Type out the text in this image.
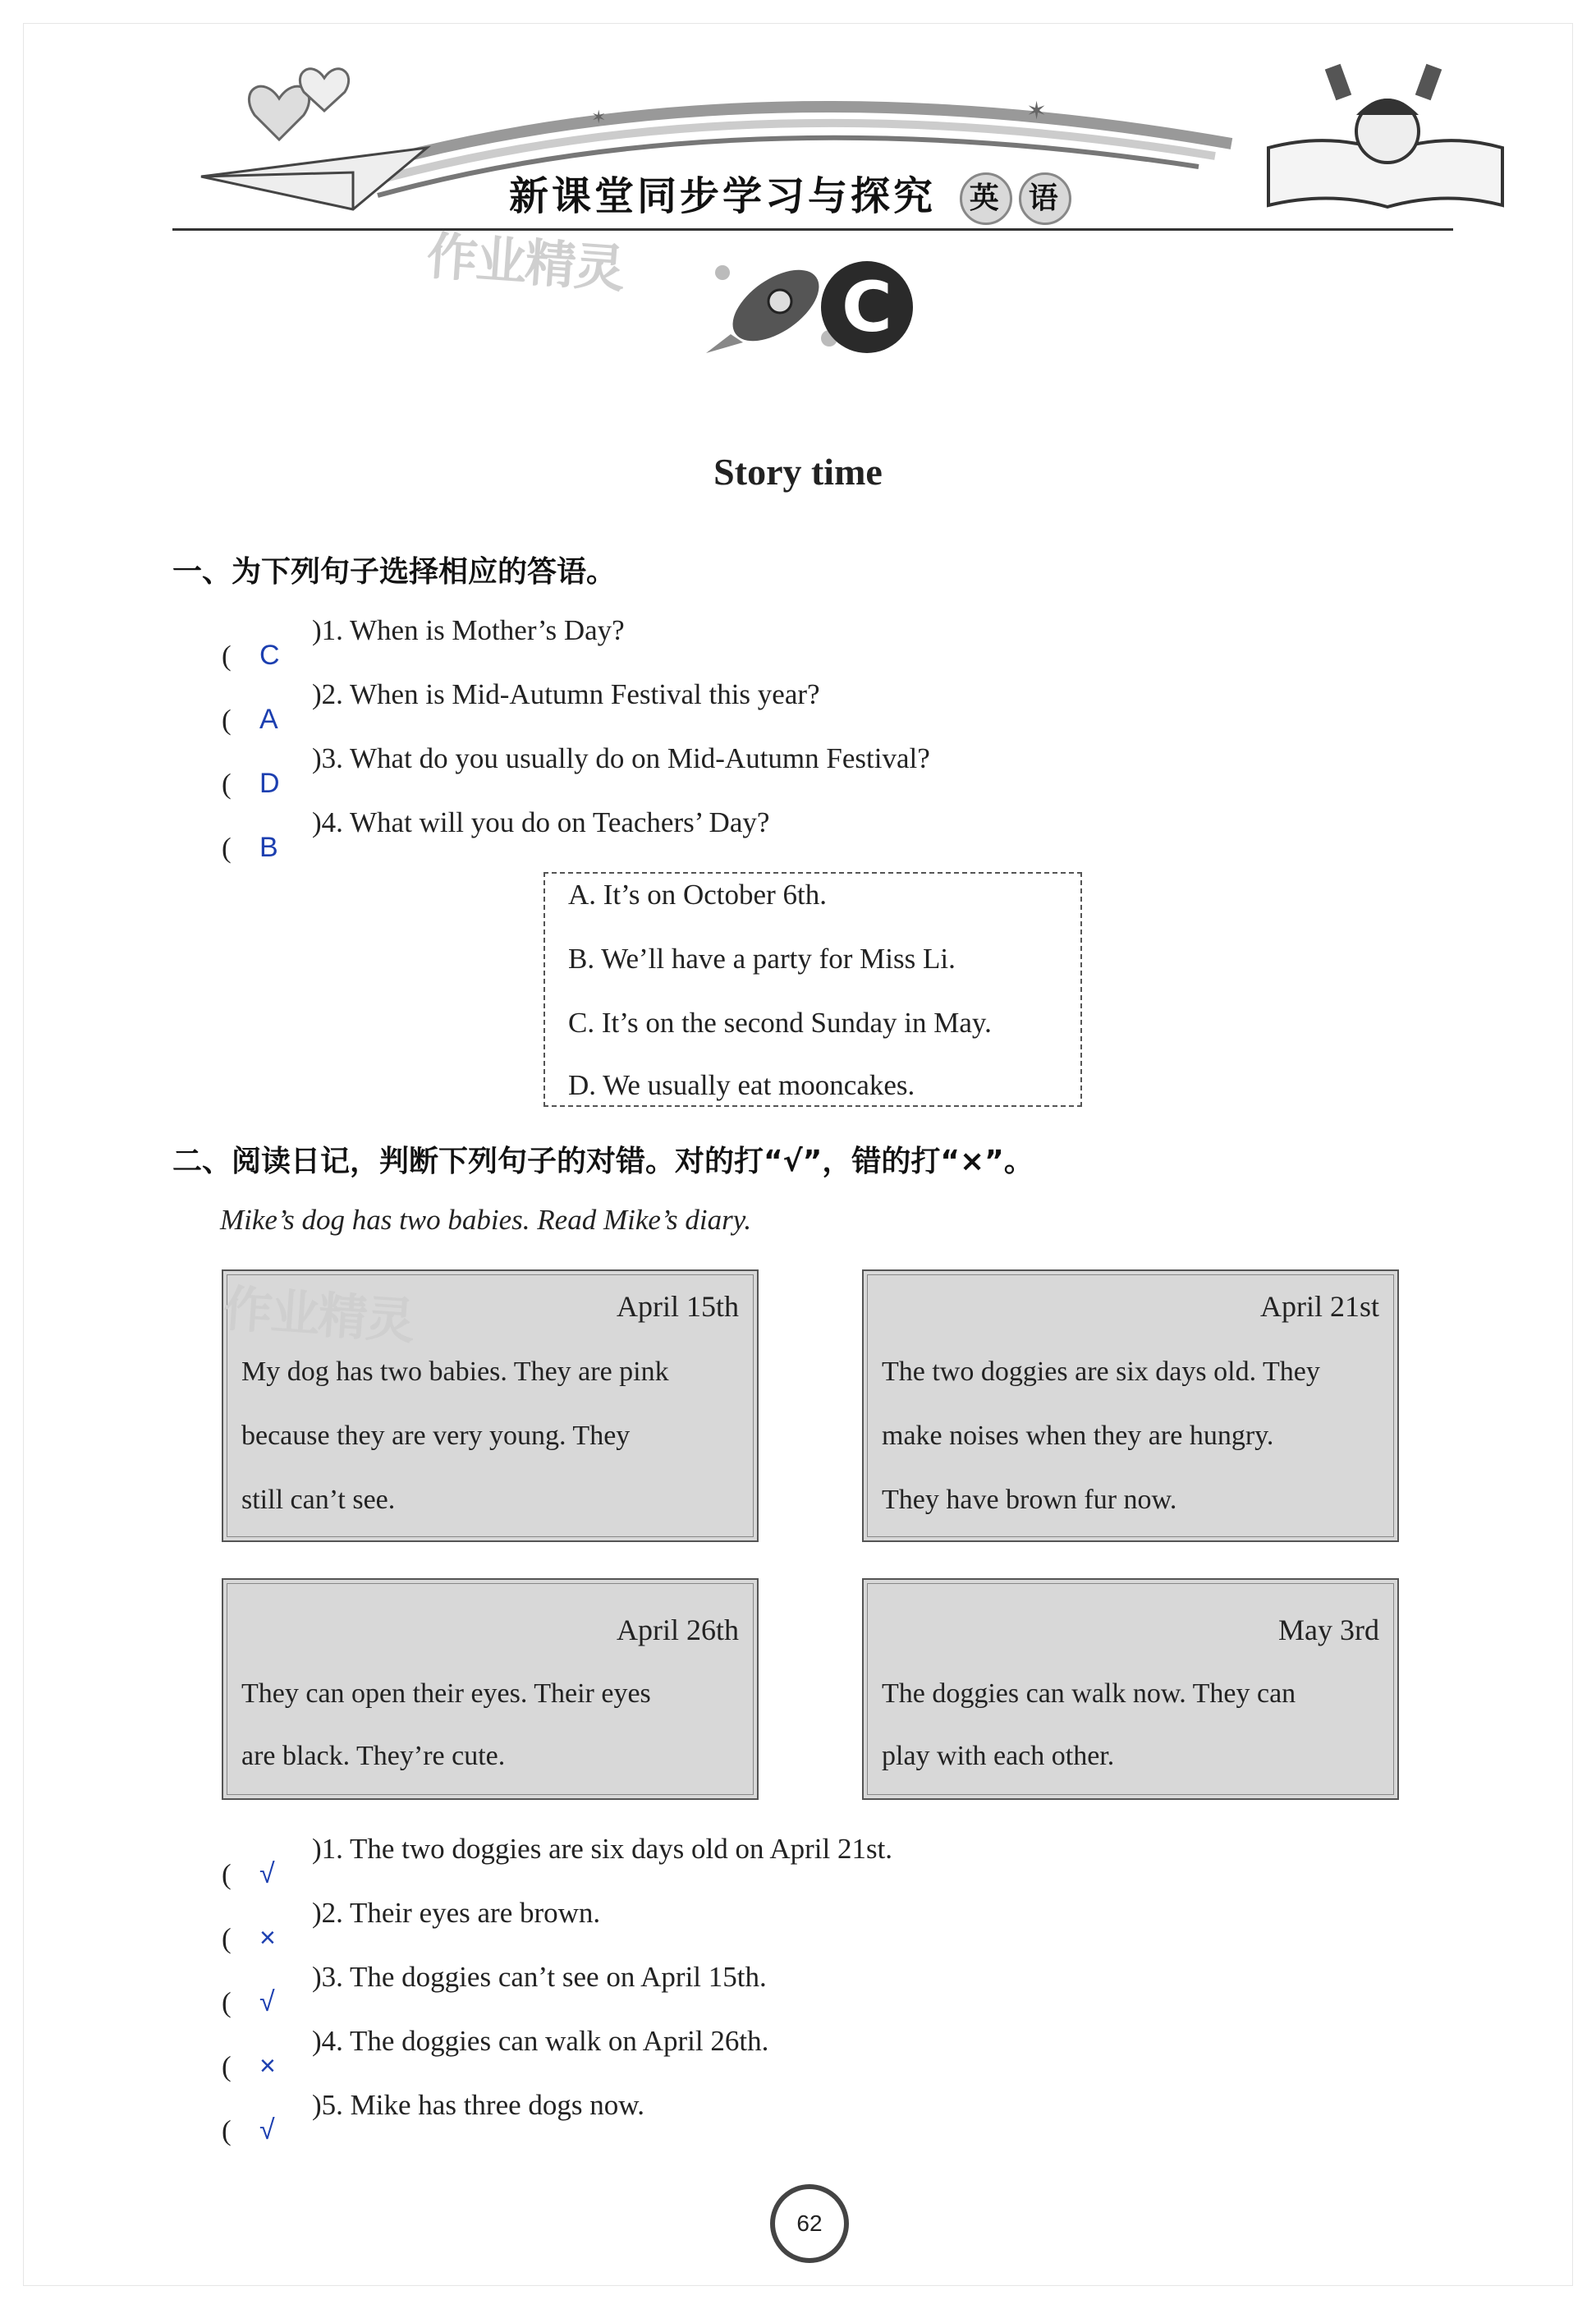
✶
✶
新课堂同步学习与探究 英 语
作业精灵
C
Story time
一、为下列句子选择相应的答语。
( C
)1. When is Mother’s Day?
( A
)2. When is Mid-Autumn Festival this year?
( D
)3. What do you usually do on Mid-Autumn Festival?
( B
)4. What will you do on Teachers’ Day?
A. It’s on October 6th.
B. We’ll have a party for Miss Li.
C. It’s on the second Sunday in May.
D. We usually eat mooncakes.
二、阅读日记，判断下列句子的对错。对的打“√”，错的打“×”。
Mike’s dog has two babies. Read Mike’s diary.
作业精灵	April 15th
My dog has two babies. They are pink
because they are very young. They
still can’t see.
April 21st
The two doggies are six days old. They
make noises when they are hungry.
They have brown fur now.
April 26th
They can open their eyes. Their eyes
are black. They’re cute.
May 3rd
The doggies can walk now. They can
play with each other.
( √
)1. The two doggies are six days old on April 21st.
( ×
)2. Their eyes are brown.
( √
)3. The doggies can’t see on April 15th.
( ×
)4. The doggies can walk on April 26th.
( √
)5. Mike has three dogs now.
62
